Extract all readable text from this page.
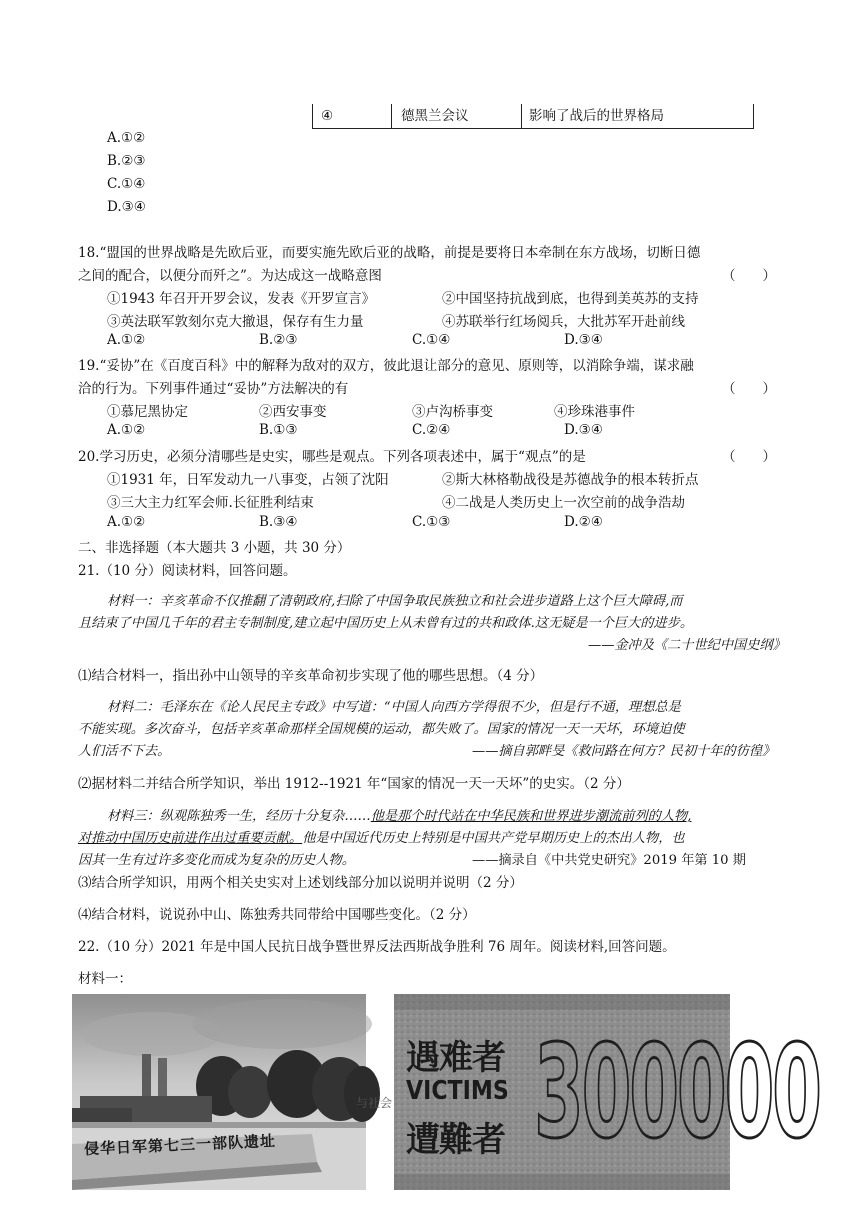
④	德黑兰会议	影响了战后的世界格局
A.①②
B.②③
C.①④
D.③④
18.“盟国的世界战略是先欧后亚，而要实施先欧后亚的战略，前提是要将日本牵制在东方战场，切断日德
之间的配合，以便分而歼之”。为达成这一战略意图	（　　）
①1943 年召开开罗会议，发表《开罗宣言》	②中国坚持抗战到底，也得到美英苏的支持
③英法联军敦刻尔克大撤退，保存有生力量	④苏联举行红场阅兵，大批苏军开赴前线
A.①②	B.②③	C.①④	D.③④
19.“妥协”在《百度百科》中的解释为敌对的双方，彼此退让部分的意见、原则等，以消除争端，谋求融
洽的行为。下列事件通过“妥协”方法解决的有	（　　）
①慕尼黑协定	②西安事变	③卢沟桥事变	④珍珠港事件
A.①②	B.①③	C.②④	D.③④
20.学习历史，必须分清哪些是史实，哪些是观点。下列各项表述中，属于“观点”的是	（　　）
①1931 年，日军发动九一八事变，占领了沈阳	②斯大林格勒战役是苏德战争的根本转折点
③三大主力红军会师.长征胜利结束	④二战是人类历史上一次空前的战争浩劫
A.①②	B.③④	C.①③	D.②④
二、非选择题（本大题共 3 小题，共 30 分）
21.（10 分）阅读材料，回答问题。
材料一：辛亥革命不仅推翻了清朝政府,扫除了中国争取民族独立和社会进步道路上这个巨大障碍,而
且结束了中国几千年的君主专制制度,建立起中国历史上从未曾有过的共和政体.这无疑是一个巨大的进步。
——金冲及《二十世纪中国史纲》
⑴结合材料一，指出孙中山领导的辛亥革命初步实现了他的哪些思想。（4 分）
材料二：毛泽东在《论人民民主专政》中写道：“中国人向西方学得很不少，但是行不通，理想总是
不能实现。多次奋斗，包括辛亥革命那样全国规模的运动，都失败了。国家的情况一天一天坏，环境迫使
人们活不下去。	——摘自郭畔旻《救问路在何方？民初十年的彷徨》
⑵据材料二并结合所学知识，举出 1912--1921 年“国家的情况一天一天坏”的史实。（2 分）
材料三：纵观陈独秀一生，经历十分复杂……他是那个时代站在中华民族和世界进步潮流前列的人物,
对推动中国历史前进作出过重要贡献。他是中国近代历史上特别是中国共产党早期历史上的杰出人物，也
因其一生有过许多变化而成为复杂的历史人物。	——摘录自《中共党史研究》2019 年第 10 期
⑶结合所学知识，用两个相关史实对上述划线部分加以说明并说明（2 分）
⑷结合材料，说说孙中山、陈独秀共同带给中国哪些变化。（2 分）
22.（10 分）2021 年是中国人民抗日战争暨世界反法西斯战争胜利 76 周年。阅读材料,回答问题。
材料一：
侵华日军第七三一部队遗址
与社会
遇难者
VICTIMS
遭難者 300000
